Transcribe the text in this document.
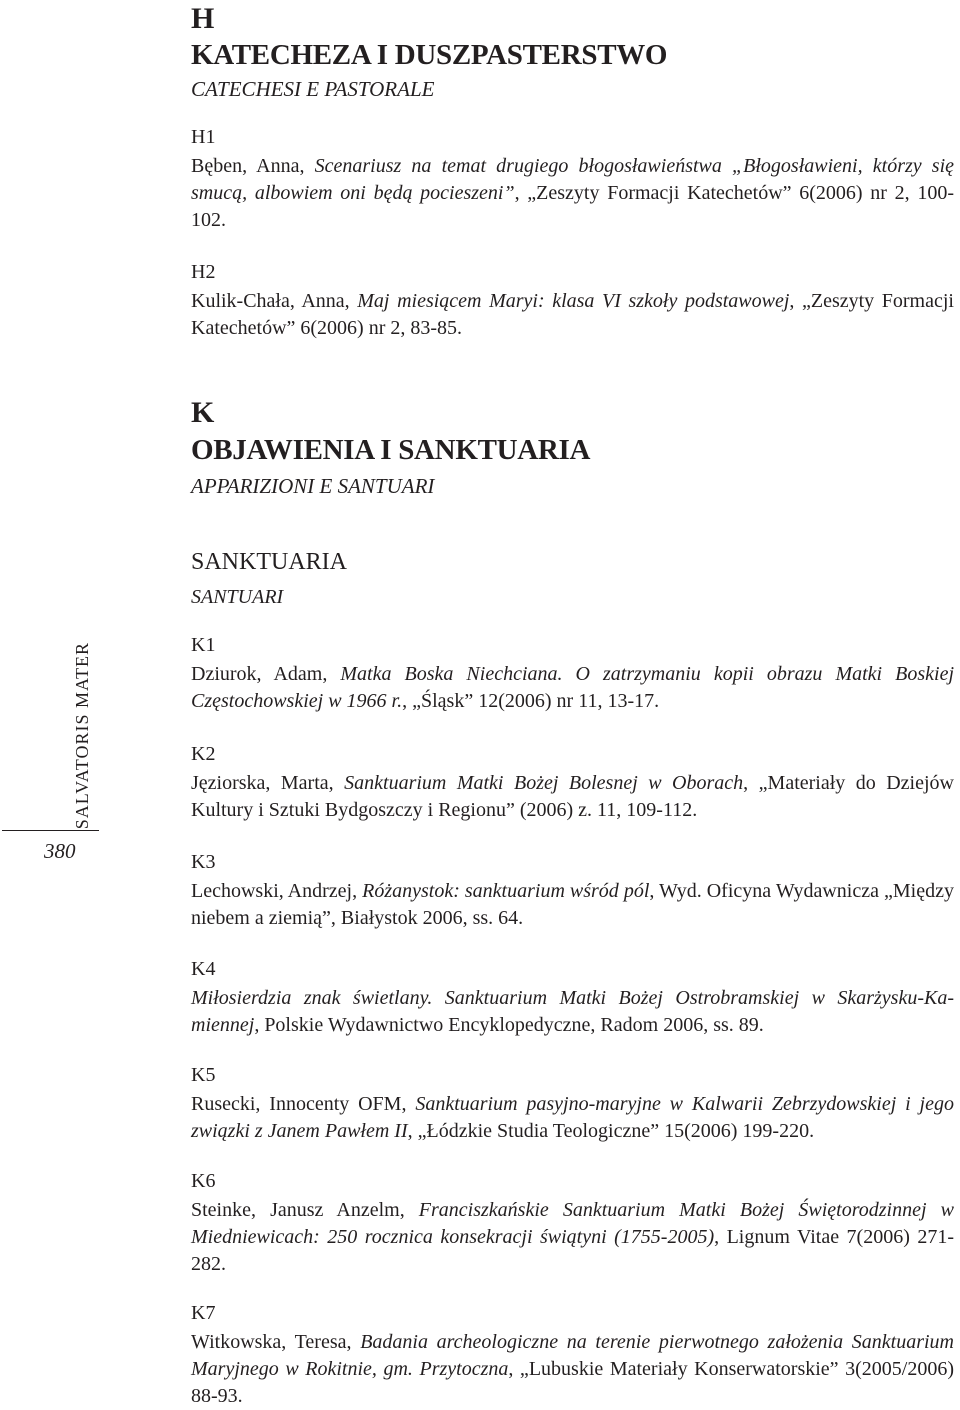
H

KATECHEZA I DUSZPASTERSTWO

CATECHESI E PASTORALE

H1

Bęben, Anna, Scenariusz na temat drugiego błogosławieństwa „Błogosławieni, którzy się smucą, albowiem oni będą pocieszeni”, „Zeszyty Formacji Katechetów” 6(2006) nr 2, 100-102.

H2

Kulik-Chała, Anna, Maj miesiącem Maryi: klasa VI szkoły podstawowej, „Zeszyty Formacji Katechetów” 6(2006) nr 2, 83-85.

K

OBJAWIENIA I SANKTUARIA

APPARIZIONI E SANTUARI

SANKTUARIA

SANTUARI

K1

Dziurok, Adam, Matka Boska Niechciana. O zatrzymaniu kopii obrazu Matki Boskiej Częstochowskiej w 1966 r., „Śląsk” 12(2006) nr 11, 13-17.

K2

Jęziorska, Marta, Sanktuarium Matki Bożej Bolesnej w Oborach, „Materiały do Dziejów Kultury i Sztuki Bydgoszczy i Regionu” (2006) z. 11, 109-112.

K3

Lechowski, Andrzej, Różanystok: sanktuarium wśród pól, Wyd. Oficyna Wydawnicza „Między niebem a ziemią”, Białystok 2006, ss. 64.

K4

Miłosierdzia znak świetlany. Sanktuarium Matki Bożej Ostrobramskiej w Skarżysku-Kamiennej, Polskie Wydawnictwo Encyklopedyczne, Radom 2006, ss. 89.

K5

Rusecki, Innocenty OFM, Sanktuarium pasyjno-maryjne w Kalwarii Zebrzydowskiej i jego związki z Janem Pawłem II, „Łódzkie Studia Teologiczne” 15(2006) 199-220.

K6

Steinke, Janusz Anzelm, Franciszkańskie Sanktuarium Matki Bożej Świętorodzinnej w Miedniewicach: 250 rocznica konsekracji świątyni (1755-2005), Lignum Vitae 7(2006) 271-282.

K7

Witkowska, Teresa, Badania archeologiczne na terenie pierwotnego założenia Sanktuarium Maryjnego w Rokitnie, gm. Przytoczna, „Lubuskie Materiały Konserwatorskie” 3(2005/2006) 88-93.

SALVATORIS MATER
380
